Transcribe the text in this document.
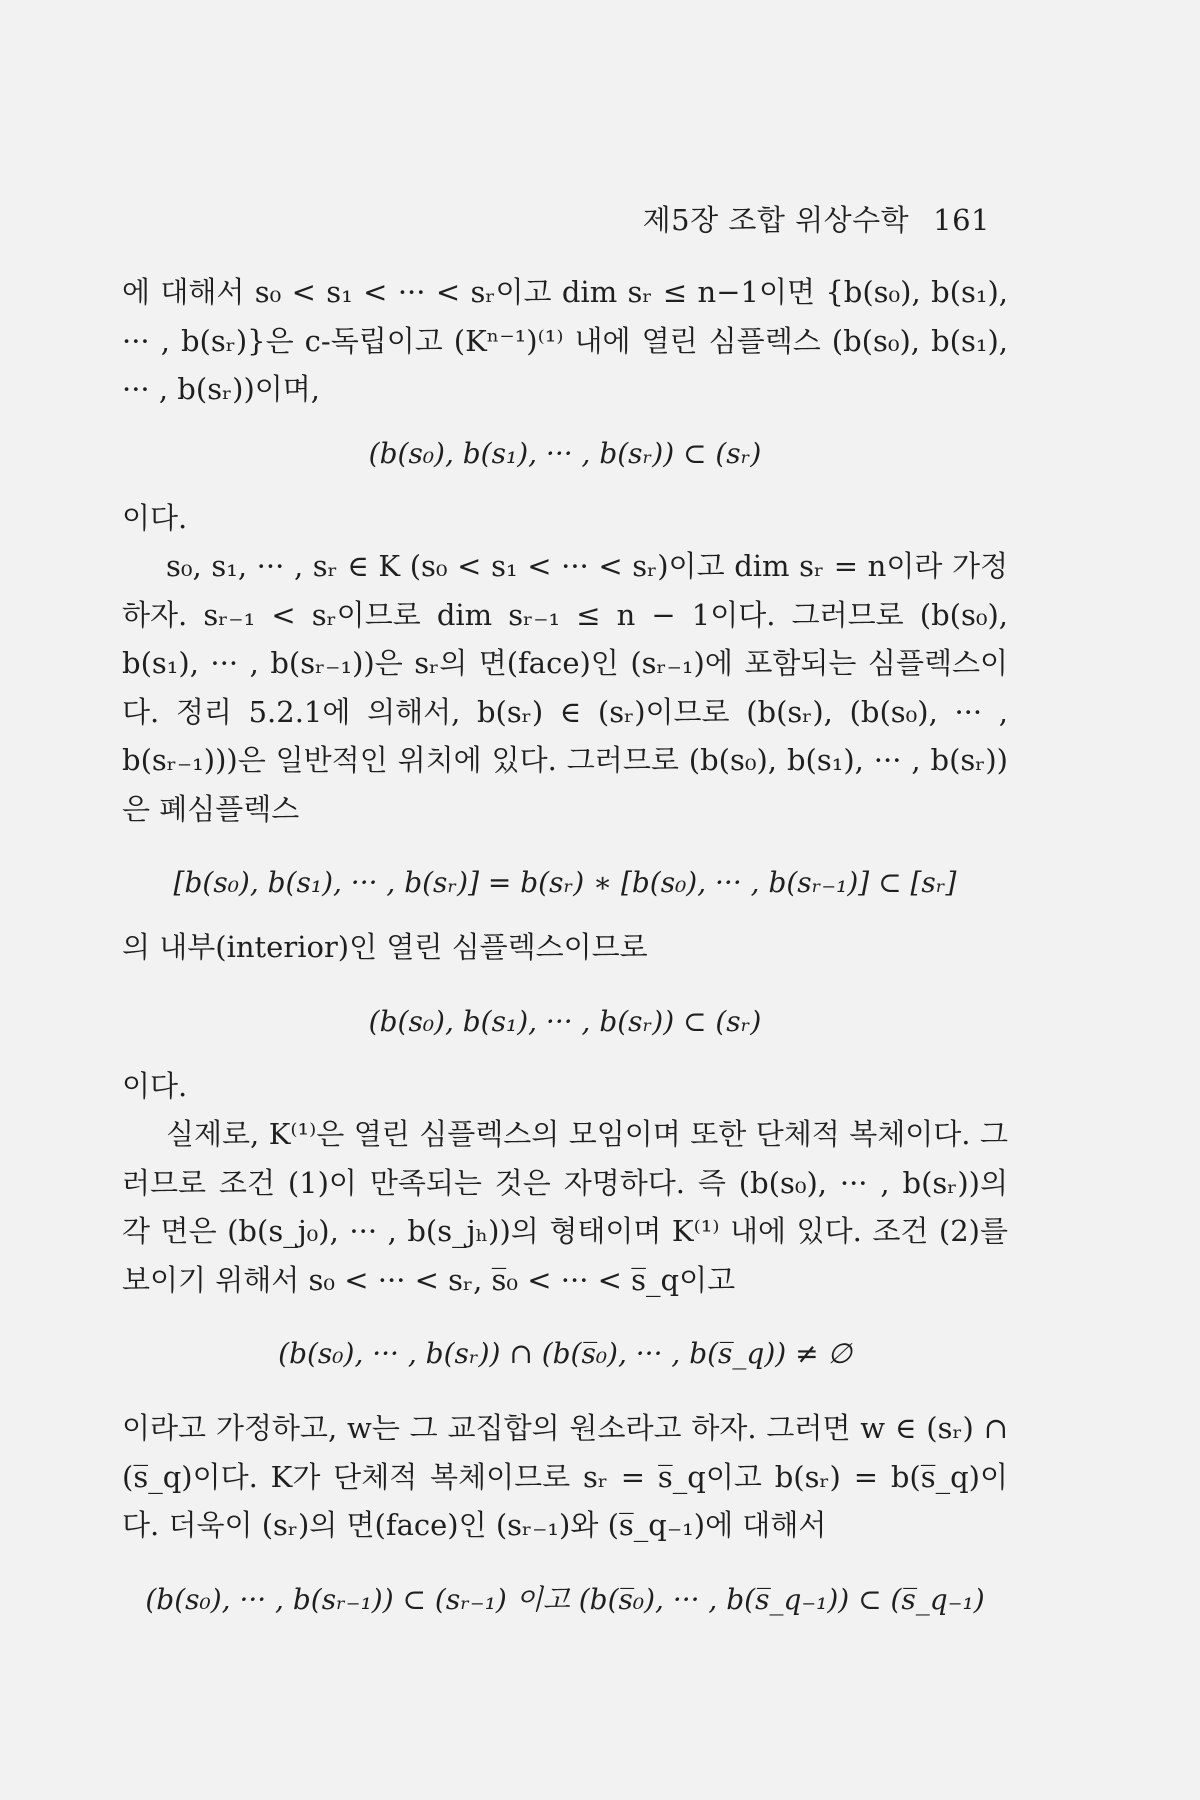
제5장 조합 위상수학 161

에 대해서 s₀ < s₁ < ··· < sᵣ이고 dim sᵣ ≤ n−1이면 {b(s₀), b(s₁), ··· , b(sᵣ)}은 c-독립이고 (Kⁿ⁻¹)⁽¹⁾ 내에 열린 심플렉스 (b(s₀), b(s₁), ··· , b(sᵣ))이며,

(b(s₀), b(s₁), ··· , b(sᵣ)) ⊂ (sᵣ)

이다.

s₀, s₁, ··· , sᵣ ∈ K (s₀ < s₁ < ··· < sᵣ)이고 dim sᵣ = n이라 가정하자. sᵣ₋₁ < sᵣ이므로 dim sᵣ₋₁ ≤ n − 1이다. 그러므로 (b(s₀), b(s₁), ··· , b(sᵣ₋₁))은 sᵣ의 면(face)인 (sᵣ₋₁)에 포함되는 심플렉스이다. 정리 5.2.1에 의해서, b(sᵣ) ∈ (sᵣ)이므로 (b(sᵣ), (b(s₀), ··· , b(sᵣ₋₁)))은 일반적인 위치에 있다. 그러므로 (b(s₀), b(s₁), ··· , b(sᵣ))은 폐심플렉스

[b(s₀), b(s₁), ··· , b(sᵣ)] = b(sᵣ) ∗ [b(s₀), ··· , b(sᵣ₋₁)] ⊂ [sᵣ]

의 내부(interior)인 열린 심플렉스이므로

(b(s₀), b(s₁), ··· , b(sᵣ)) ⊂ (sᵣ)

이다.

실제로, K⁽¹⁾은 열린 심플렉스의 모임이며 또한 단체적 복체이다. 그러므로 조건 (1)이 만족되는 것은 자명하다. 즉 (b(s₀), ··· , b(sᵣ))의 각 면은 (b(s_j₀), ··· , b(s_jₕ))의 형태이며 K⁽¹⁾ 내에 있다. 조건 (2)를 보이기 위해서 s₀ < ··· < sᵣ, s̅₀ < ··· < s̅_q이고

(b(s₀), ··· , b(sᵣ)) ∩ (b(s̅₀), ··· , b(s̅_q)) ≠ ∅

이라고 가정하고, w는 그 교집합의 원소라고 하자. 그러면 w ∈ (sᵣ) ∩ (s̅_q)이다. K가 단체적 복체이므로 sᵣ = s̅_q이고 b(sᵣ) = b(s̅_q)이다. 더욱이 (sᵣ)의 면(face)인 (sᵣ₋₁)와 (s̅_q₋₁)에 대해서

(b(s₀), ··· , b(sᵣ₋₁)) ⊂ (sᵣ₋₁) 이고 (b(s̅₀), ··· , b(s̅_q₋₁)) ⊂ (s̅_q₋₁)
